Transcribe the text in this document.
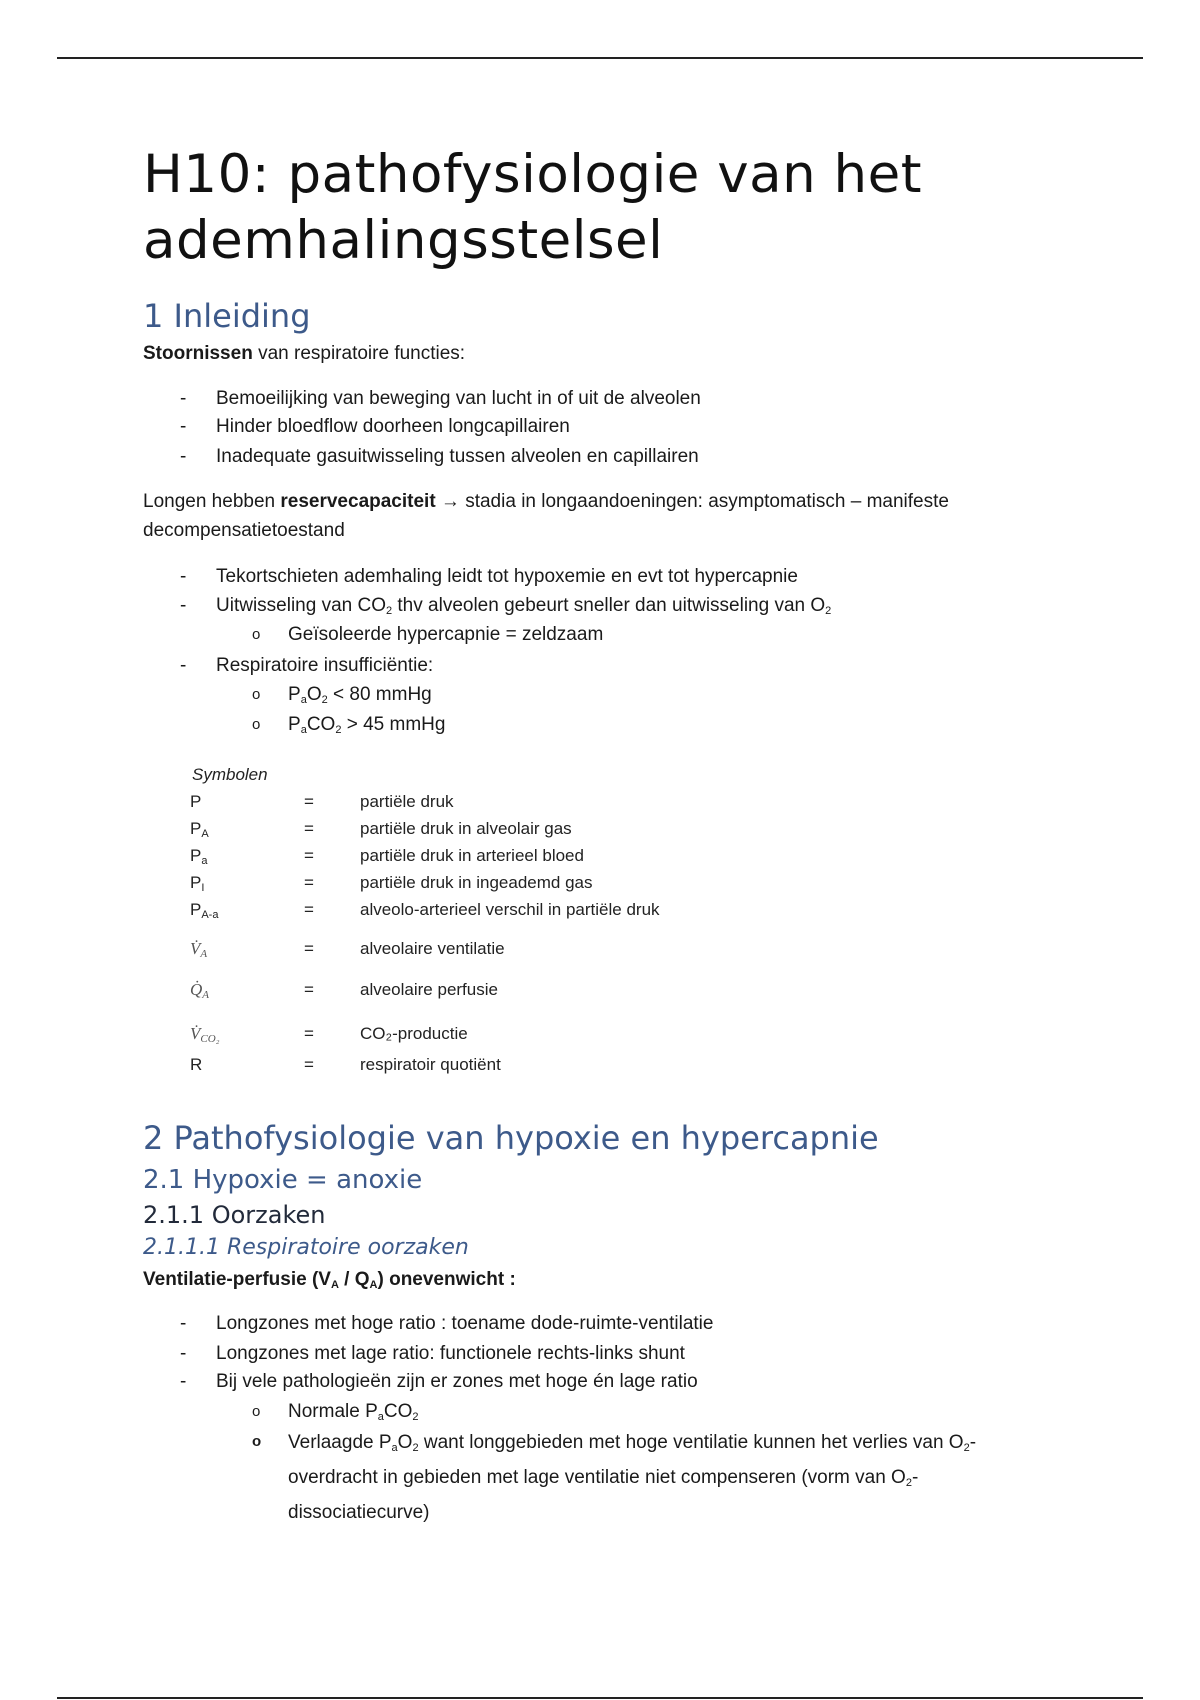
H10: pathofysiologie van het
ademhalingsstelsel
1 Inleiding
Stoornissen van respiratoire functies:
- Bemoeilijking van beweging van lucht in of uit de alveolen
- Hinder bloedflow doorheen longcapillairen
- Inadequate gasuitwisseling tussen alveolen en capillairen
Longen hebben reservecapaciteit → stadia in longaandoeningen: asymptomatisch – manifeste decompensatietoestand
- Tekortschieten ademhaling leidt tot hypoxemie en evt tot hypercapnie
- Uitwisseling van $CO_2$ thv alveolen gebeurt sneller dan uitwisseling van $O_2$
o Geïsoleerde hypercapnie = zeldzaam
- Respiratoire insufficiëntie:
o $P_aO_2 < 80$ mmHg
o $P_aCO_2 > 45$ mmHg
Symbolen
P	=	partiële druk
$P_A$	=	partiële druk in alveolair gas
$P_a$	=	partiële druk in arterieel bloed
$P_I$	=	partiële druk in ingeademd gas
$P_{A-a}$	=	alveolo-arterieel verschil in partiële druk
$V̇_A$	=	alveolaire ventilatie
$Q̇_A$	=	alveolaire perfusie
$V̇_{CO_2}$	=	CO₂-productie
R	=	respiratoir quotiënt
2 Pathofysiologie van hypoxie en hypercapnie
2.1 Hypoxie = anoxie
2.1.1 Oorzaken
2.1.1.1 Respiratoire oorzaken
Ventilatie-perfusie $(V_A / Q_A)$ onevenwicht :
- Longzones met hoge ratio : toename dode-ruimte-ventilatie
- Longzones met lage ratio: functionele rechts-links shunt
- Bij vele pathologieën zijn er zones met hoge én lage ratio
o Normale $P_aCO_2$
o Verlaagde $P_aO_2$ want longgebieden met hoge ventilatie kunnen het verlies van $O_2$-overdracht in gebieden met lage ventilatie niet compenseren (vorm van $O_2-dissociatiecurve$)
